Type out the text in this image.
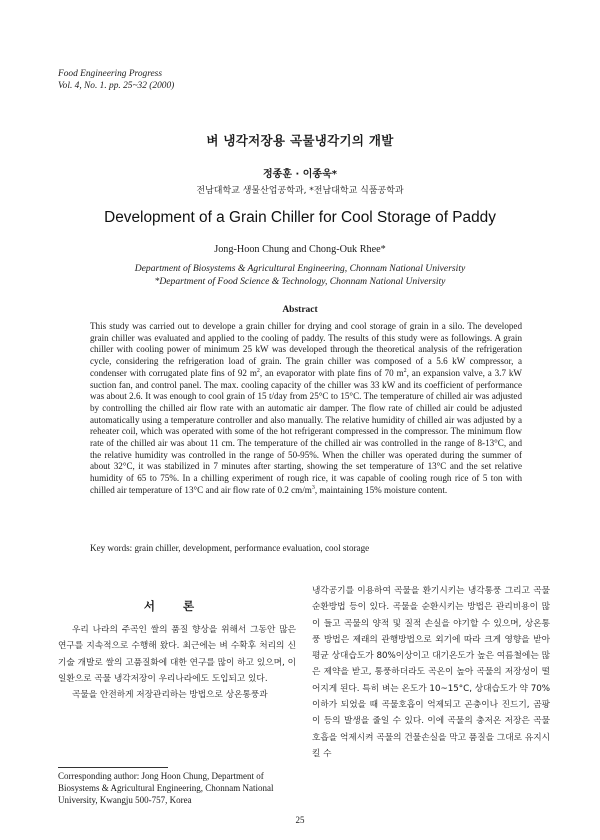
Food Engineering Progress
Vol. 4, No. 1. pp. 25~32 (2000)
벼 냉각저장용 곡물냉각기의 개발
정종훈 · 이종욱*
전남대학교 생물산업공학과, *전남대학교 식품공학과
Development of a Grain Chiller for Cool Storage of Paddy
Jong-Hoon Chung and Chong-Ouk Rhee*
Department of Biosystems & Agricultural Engineering, Chonnam National University
*Department of Food Science & Technology, Chonnam National University
Abstract

This study was carried out to develope a grain chiller for drying and cool storage of grain in a silo. The developed grain chiller was evaluated and applied to the cooling of paddy. The results of this study were as followings. A grain chiller with cooling power of minimum 25 kW was developed through the theoretical analysis of the refrigeration cycle, considering the refrigeration load of grain. The grain chiller was composed of a 5.6 kW compressor, a condenser with corrugated plate fins of 92 $m^2$, an evaporator with plate fins of 70 $m^2$, an expansion valve, a 3.7 kW suction fan, and control panel. The max. cooling capacity of the chiller was 33 kW and its coefficient of performance was about 2.6. It was enough to cool grain of 15 t/day from 25°C to 15°C. The temperature of chilled air was adjusted by controlling the chilled air flow rate with an automatic air damper. The flow rate of chilled air could be adjusted automatically using a temperature controller and also manually. The relative humidity of chilled air was adjusted by a reheater coil, which was operated with some of the hot refrigerant compressed in the compressor. The minimum flow rate of the chilled air was about 11 cm. The temperature of the chilled air was controlled in the range of 8-13°C, and the relative humidity was controlled in the range of 50-95%. When the chiller was operated during the summer of about 32°C, it was stabilized in 7 minutes after starting, showing the set temperature of 13°C and the set relative humidity of 65 to 75%. In a chilling experiment of rough rice, it was capable of cooling rough rice of 5 ton with chilled air temperature of 13°C and air flow rate of 0.2 $cm/m^3$, maintaining 15% moisture content.

Key words: grain chiller, development, performance evaluation, cool storage
서 론

우리 나라의 주곡인 쌀의 품질 향상을 위해서 그동안 많은 연구를 지속적으로 수행해 왔다. 최근에는 벼 수확후 처리의 신기술 개발로 쌀의 고품질화에 대한 연구를 많이 하고 있으며, 이 일환으로 곡물 냉각저장이 우리나라에도 도입되고 있다.

곡물을 안전하게 저장관리하는 방법으로 상온통풍과

냉각공기를 이용하여 곡물을 환기시키는 냉각통풍 그리고 곡물 순환방법 등이 있다. 곡물을 순환시키는 방법은 관리비용이 많이 들고 곡물의 양적 및 질적 손실을 야기할 수 있으며, 상온통풍 방법은 제래의 관행방법으로 외기에 따라 크게 영향을 받아 평균 상대습도가 80%이상이고 대기온도가 높은 여름철에는 많은 제약을 받고, 통풍하더라도 곡온이 높아 곡물의 저장성이 떨어지게 된다. 특히 벼는 온도가 10~15°C, 상대습도가 약 70% 이하가 되었을 때 곡물호흡이 억제되고 곤충이나 진드기, 곰팡이 등의 발생을 줄일 수 있다. 이에 곡물의 충저온 저장은 곡물호흡을 억제시켜 곡물의 건물손실을 막고 품질을 그대로 유지시킬 수

Corresponding author: Jong Hoon Chung, Department of Biosystems & Agricultural Engineering, Chonnam National University, Kwangju 500-757, Korea
25
